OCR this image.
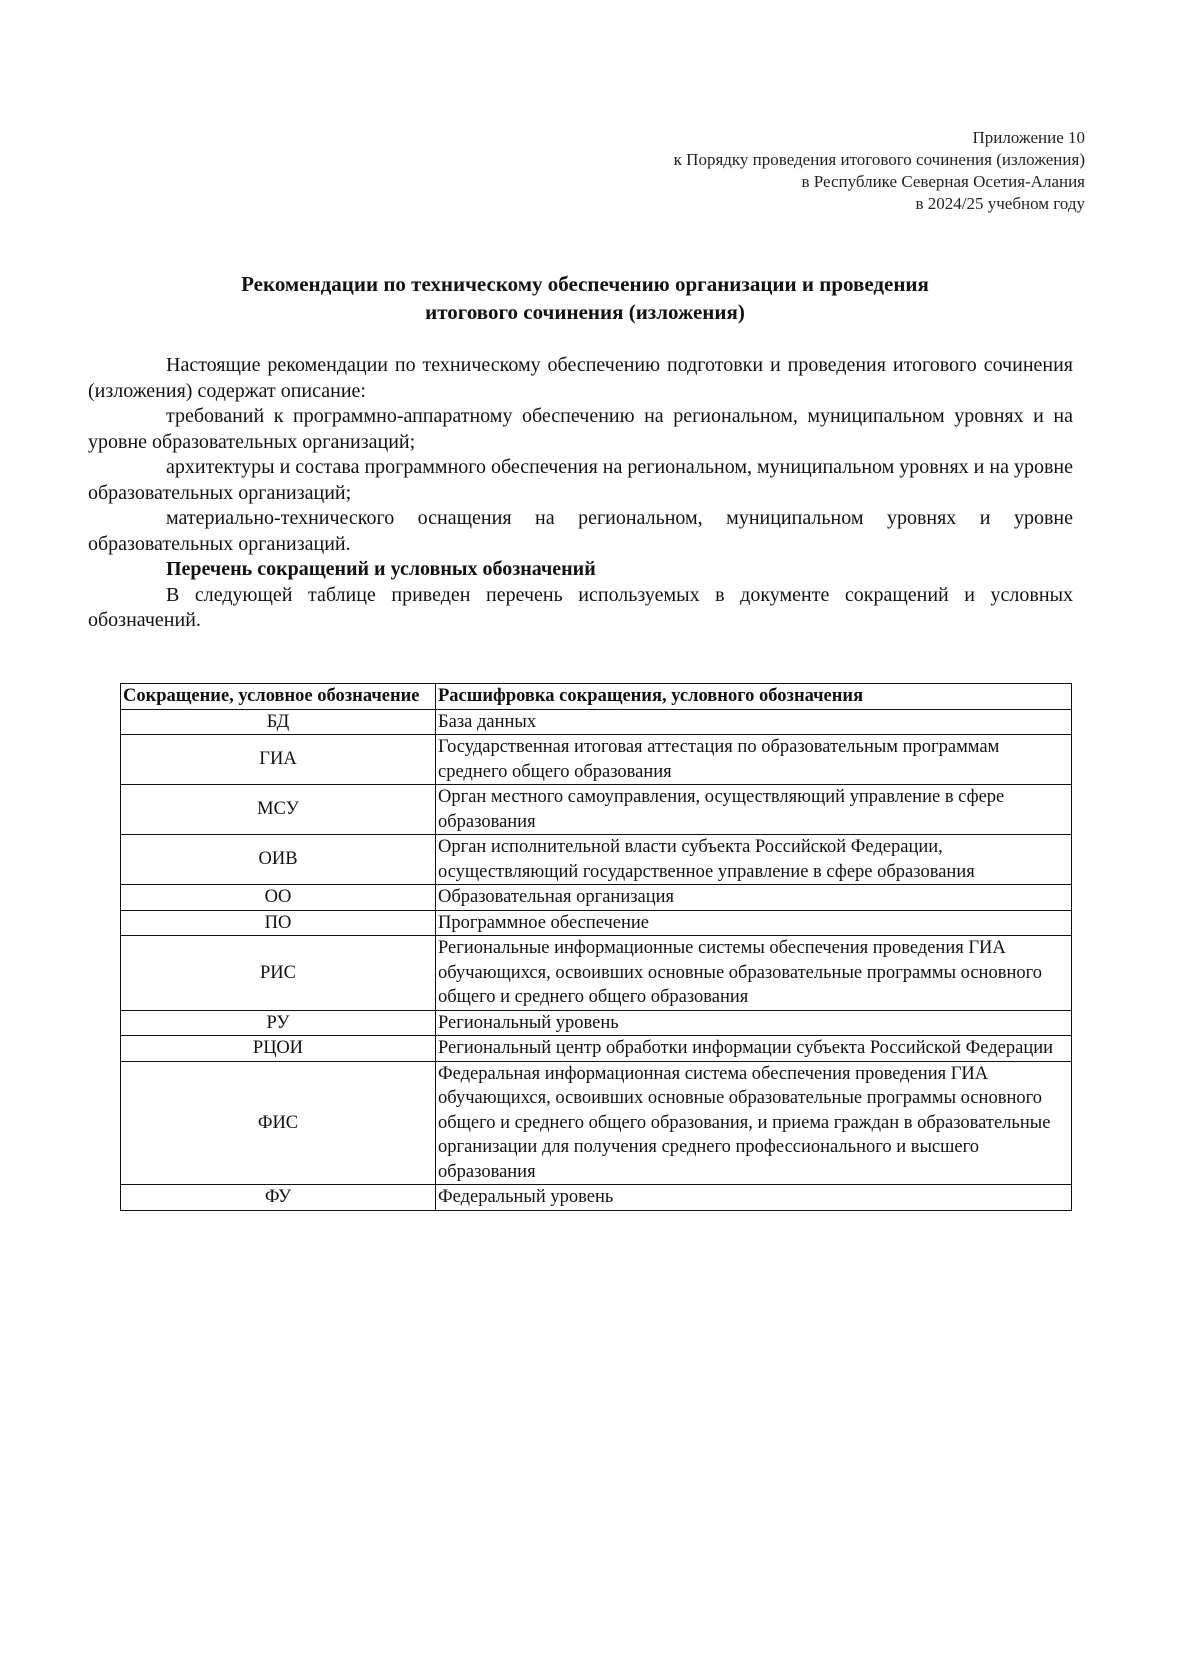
Приложение 10
к Порядку проведения итогового сочинения (изложения)
в Республике Северная Осетия-Алания
в 2024/25 учебном году
Рекомендации по техническому обеспечению организации и проведения
итогового сочинения (изложения)

Настоящие рекомендации по техническому обеспечению подготовки и проведения итогового сочинения (изложения) содержат описание:

требований к программно-аппаратному обеспечению на региональном, муниципальном уровнях и на уровне образовательных организаций;

архитектуры и состава программного обеспечения на региональном, муниципальном уровнях и на уровне образовательных организаций;

материально-технического оснащения на региональном, муниципальном уровнях и уровне образовательных организаций.

Перечень сокращений и условных обозначений

В следующей таблице приведен перечень используемых в документе сокращений и условных обозначений.

Сокращение, условное обозначение	Расшифровка сокращения, условного обозначения
БД	База данных
ГИА	Государственная итоговая аттестация по образовательным программам среднего общего образования
МСУ	Орган местного самоуправления, осуществляющий управление в сфере образования
ОИВ	Орган исполнительной власти субъекта Российской Федерации, осуществляющий государственное управление в сфере образования
ОО	Образовательная организация
ПО	Программное обеспечение
РИС	Региональные информационные системы обеспечения проведения ГИА обучающихся, освоивших основные образовательные программы основного общего и среднего общего образования
РУ	Региональный уровень
РЦОИ	Региональный центр обработки информации субъекта Российской Федерации
ФИС	Федеральная информационная система обеспечения проведения ГИА обучающихся, освоивших основные образовательные программы основного общего и среднего общего образования, и приема граждан в образовательные организации для получения среднего профессионального и высшего образования
ФУ	Федеральный уровень
